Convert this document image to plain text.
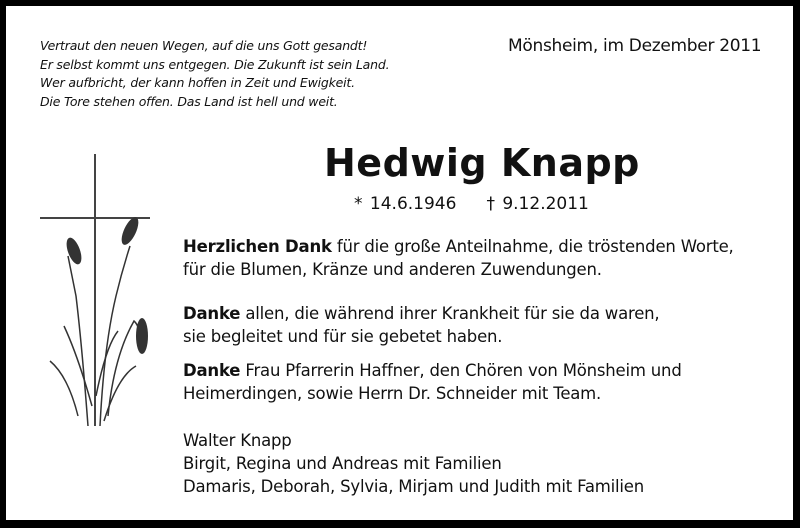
Vertraut den neuen Wegen, auf die uns Gott gesandt!
Er selbst kommt uns entgegen. Die Zukunft ist sein Land.
Wer aufbricht, der kann hoffen in Zeit und Ewigkeit.
Die Tore stehen offen. Das Land ist hell und weit.
Mönsheim, im Dezember 2011
Hedwig Knapp
* 14.6.1946 † 9.12.2011
Herzlichen Dank für die große Anteilnahme, die tröstenden Worte,
für die Blumen, Kränze und anderen Zuwendungen.
Danke allen, die während ihrer Krankheit für sie da waren,
sie begleitet und für sie gebetet haben.
Danke Frau Pfarrerin Haffner, den Chören von Mönsheim und
Heimerdingen, sowie Herrn Dr. Schneider mit Team.
Walter Knapp
Birgit, Regina und Andreas mit Familien
Damaris, Deborah, Sylvia, Mirjam und Judith mit Familien
